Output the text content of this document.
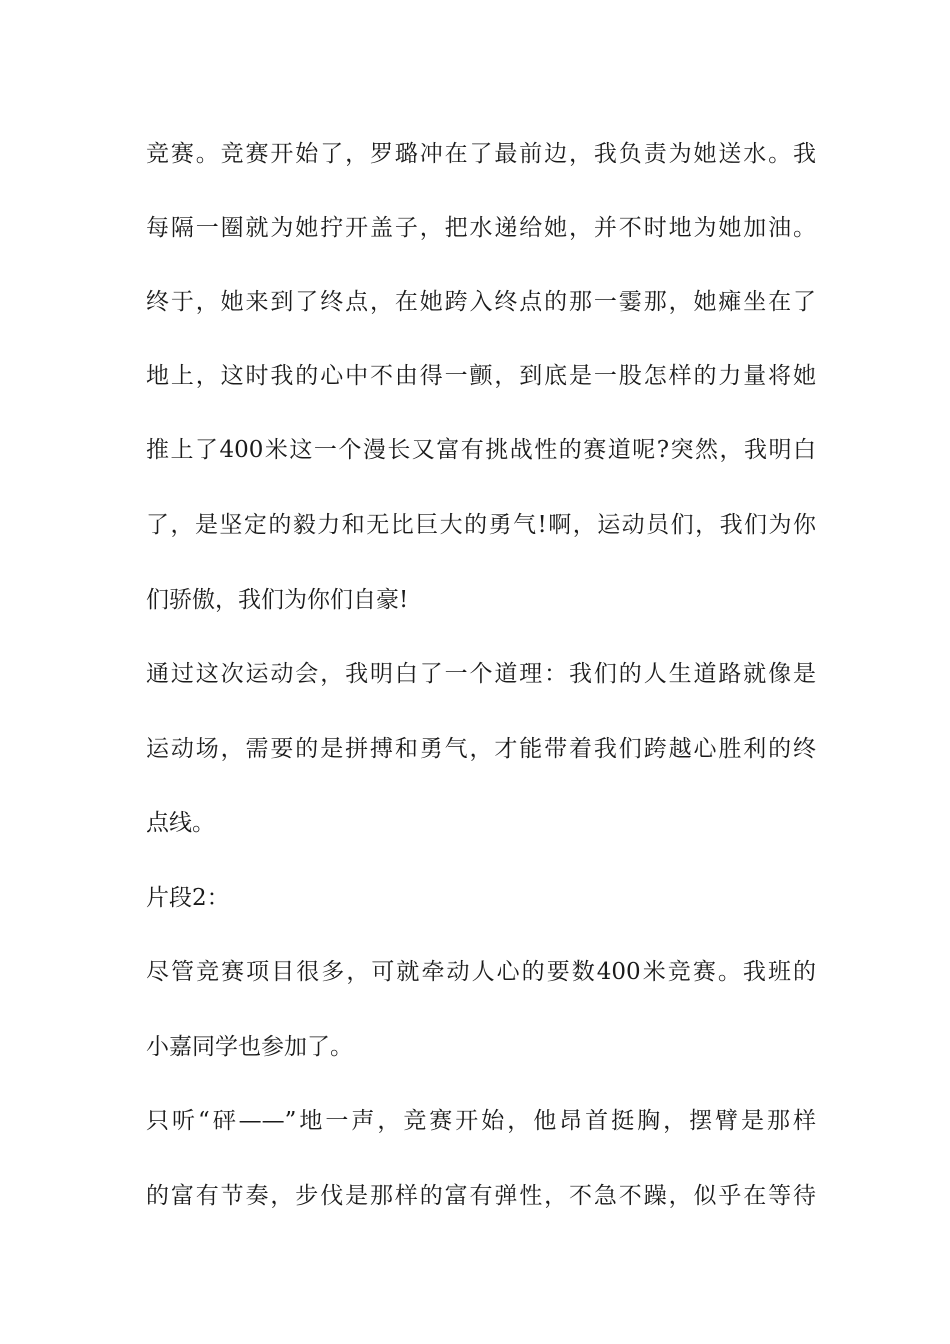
竞赛。竞赛开始了，罗璐冲在了最前边，我负责为她送水。我
每隔一圈就为她拧开盖子，把水递给她，并不时地为她加油。
终于，她来到了终点，在她跨入终点的那一霎那，她瘫坐在了
地上，这时我的心中不由得一颤，到底是一股怎样的力量将她
推上了400米这一个漫长又富有挑战性的赛道呢?突然，我明白
了，是坚定的毅力和无比巨大的勇气!啊，运动员们，我们为你
们骄傲，我们为你们自豪!
通过这次运动会，我明白了一个道理：我们的人生道路就像是
运动场，需要的是拼搏和勇气，才能带着我们跨越心胜利的终
点线。
片段2：
尽管竞赛项目很多，可就牵动人心的要数400米竞赛。我班的
小嘉同学也参加了。
只听“砰——”地一声，竞赛开始，他昂首挺胸，摆臂是那样
的富有节奏，步伐是那样的富有弹性，不急不躁，似乎在等待
